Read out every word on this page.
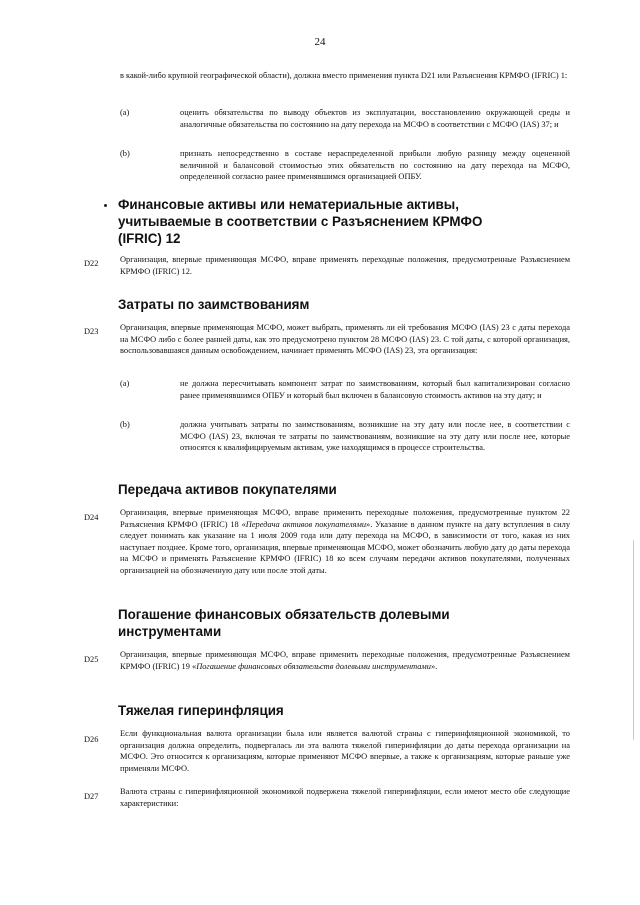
24
в какой-либо крупной географической области), должна вместо применения пункта D21 или Разъяснения КРМФО (IFRIC) 1:
(a)	оценить обязательства по выводу объектов из эксплуатации, восстановлению окружающей среды и аналогичные обязательства по состоянию на дату перехода на МСФО в соответствии с МСФО (IAS) 37; и
(b)	признать непосредственно в составе нераспределенной прибыли любую разницу между оцененной величиной и балансовой стоимостью этих обязательств по состоянию на дату перехода на МСФО, определенной согласно ранее применявшимся организацией ОПБУ.
Финансовые активы или нематериальные активы, учитываемые в соответствии с Разъяснением КРМФО (IFRIC) 12
D22	Организация, впервые применяющая МСФО, вправе применять переходные положения, предусмотренные Разъяснением КРМФО (IFRIC) 12.
Затраты по заимствованиям
D23	Организация, впервые применяющая МСФО, может выбрать, применять ли ей требования МСФО (IAS) 23 с даты перехода на МСФО либо с более ранней даты, как это предусмотрено пунктом 28 МСФО (IAS) 23. С той даты, с которой организация, воспользовавшаяся данным освобождением, начинает применять МСФО (IAS) 23, эта организация:
(a)	не должна пересчитывать компонент затрат по заимствованиям, который был капитализирован согласно ранее применявшимся ОПБУ и который был включен в балансовую стоимость активов на эту дату; и
(b)	должна учитывать затраты по заимствованиям, возникшие на эту дату или после нее, в соответствии с МСФО (IAS) 23, включая те затраты по заимствованиям, возникшие на эту дату или после нее, которые относятся к квалифицируемым активам, уже находящимся в процессе строительства.
Передача активов покупателями
D24
Организация, впервые применяющая МСФО, вправе применить переходные положения, предусмотренные пунктом 22 Разъяснения КРМФО (IFRIC) 18 «Передача активов покупателями». Указание в данном пункте на дату вступления в силу следует понимать как указание на 1 июля 2009 года или дату перехода на МСФО, в зависимости от того, какая из них наступает позднее. Кроме того, организация, впервые применяющая МСФО, может обозначить любую дату до даты перехода на МСФО и применять Разъяснение КРМФО (IFRIC) 18 ко всем случаям передачи активов покупателями, полученных организацией на обозначенную дату или после этой даты.
Погашение финансовых обязательств долевыми инструментами
D25
Организация, впервые применяющая МСФО, вправе применить переходные положения, предусмотренные Разъяснением КРМФО (IFRIC) 19 «Погашение финансовых обязательств долевыми инструментами».
Тяжелая гиперинфляция
D26
Если функциональная валюта организации была или является валютой страны с гиперинфляционной экономикой, то организация должна определить, подвергалась ли эта валюта тяжелой гиперинфляции до даты перехода организации на МСФО. Это относится к организациям, которые применяют МСФО впервые, а также к организациям, которые раньше уже применяли МСФО.
D27
Валюта страны с гиперинфляционной экономикой подвержена тяжелой гиперинфляции, если имеют место обе следующие характеристики:
